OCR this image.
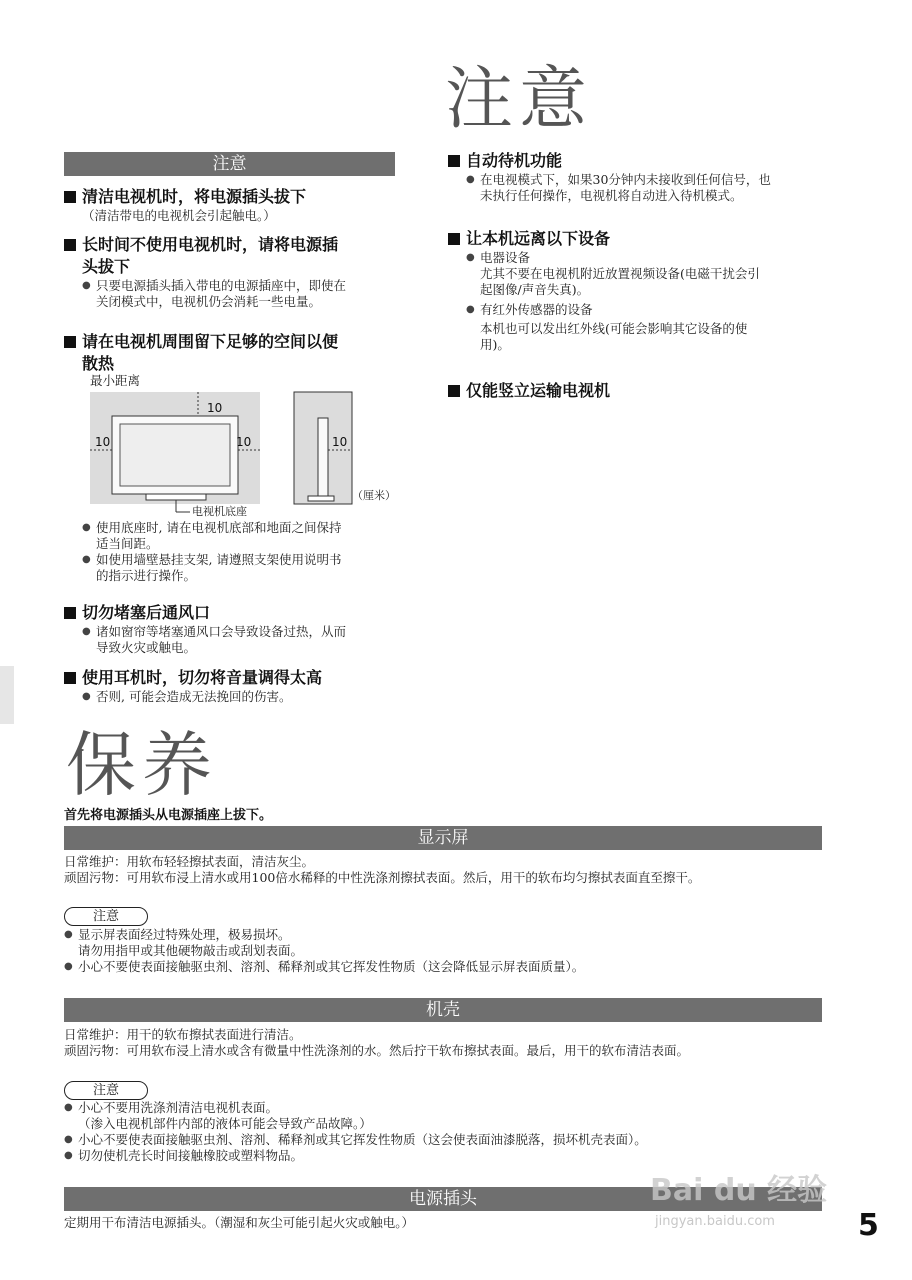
注意
注意
清洁电视机时，将电源插头拔下
（清洁带电的电视机会引起触电。）
长时间不使用电视机时，请将电源插
头拔下
● 只要电源插头插入带电的电源插座中，即使在
关闭模式中，电视机仍会消耗一些电量。
请在电视机周围留下足够的空间以便
散热
最小距离
10
10	10	10
（厘米）
电视机底座
● 使用底座时, 请在电视机底部和地面之间保持
适当间距。
● 如使用墙壁悬挂支架, 请遵照支架使用说明书
的指示进行操作。
切勿堵塞后通风口
● 诸如窗帘等堵塞通风口会导致设备过热，从而
导致火灾或触电。
使用耳机时，切勿将音量调得太高
● 否则, 可能会造成无法挽回的伤害。
自动待机功能
● 在电视模式下，如果30分钟内未接收到任何信号，也
未执行任何操作，电视机将自动进入待机模式。
让本机远离以下设备
● 电器设备
尤其不要在电视机附近放置视频设备(电磁干扰会引
起图像/声音失真)。
● 有红外传感器的设备
本机也可以发出红外线(可能会影响其它设备的使
用)。
仅能竖立运输电视机
保养
首先将电源插头从电源插座上拔下。
显示屏
日常维护：用软布轻轻擦拭表面，清洁灰尘。
顽固污物：可用软布浸上清水或用100倍水稀释的中性洗涤剂擦拭表面。然后，用干的软布均匀擦拭表面直至擦干。
注意
● 显示屏表面经过特殊处理，极易损坏。
请勿用指甲或其他硬物敲击或刮划表面。
● 小心不要使表面接触驱虫剂、溶剂、稀释剂或其它挥发性物质（这会降低显示屏表面质量）。
机壳
日常维护：用干的软布擦拭表面进行清洁。
顽固污物：可用软布浸上清水或含有微量中性洗涤剂的水。然后拧干软布擦拭表面。最后，用干的软布清洁表面。
注意
● 小心不要用洗涤剂清洁电视机表面。
（渗入电视机部件内部的液体可能会导致产品故障。）
● 小心不要使表面接触驱虫剂、溶剂、稀释剂或其它挥发性物质（这会使表面油漆脱落，损坏机壳表面）。
● 切勿使机壳长时间接触橡胶或塑料物品。
电源插头
定期用干布清洁电源插头。（潮湿和灰尘可能引起火灾或触电。）
Bai du 经验
jingyan.baidu.com	5
